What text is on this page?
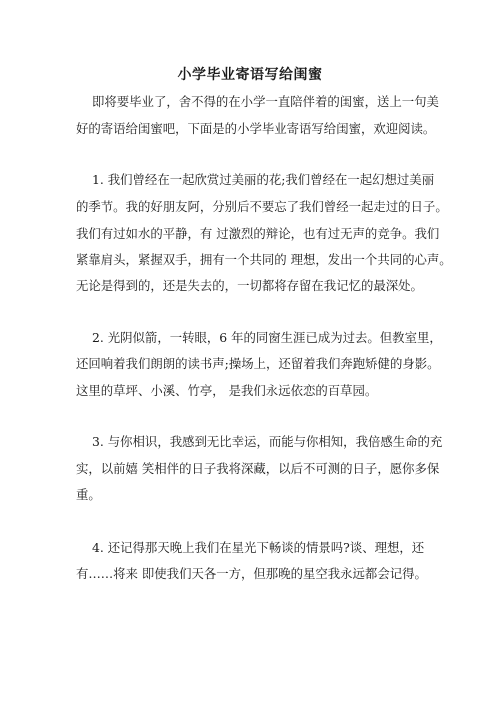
小学毕业寄语写给闺蜜
即将要毕业了，舍不得的在小学一直陪伴着的闺蜜，送上一句美
好的寄语给闺蜜吧，下面是的小学毕业寄语写给闺蜜，欢迎阅读。
1. 我们曾经在一起欣赏过美丽的花;我们曾经在一起幻想过美丽
的季节。我的好朋友阿，分别后不要忘了我们曾经一起走过的日子。
我们有过如水的平静，有 过激烈的辩论，也有过无声的竞争。我们
紧靠肩头，紧握双手，拥有一个共同的 理想，发出一个共同的心声。
无论是得到的，还是失去的，一切都将存留在我记忆的最深处。
2. 光阴似箭，一转眼，6 年的同窗生涯已成为过去。但教室里，
还回响着我们朗朗的读书声;操场上，还留着我们奔跑矫健的身影。
这里的草坪、小溪、竹亭， 是我们永远依恋的百草园。
3. 与你相识，我感到无比幸运，而能与你相知，我倍感生命的充
实，以前嬉 笑相伴的日子我将深藏，以后不可测的日子，愿你多保
重。
4. 还记得那天晚上我们在星光下畅谈的情景吗?谈、理想，还
有……将来 即使我们天各一方，但那晚的星空我永远都会记得。
